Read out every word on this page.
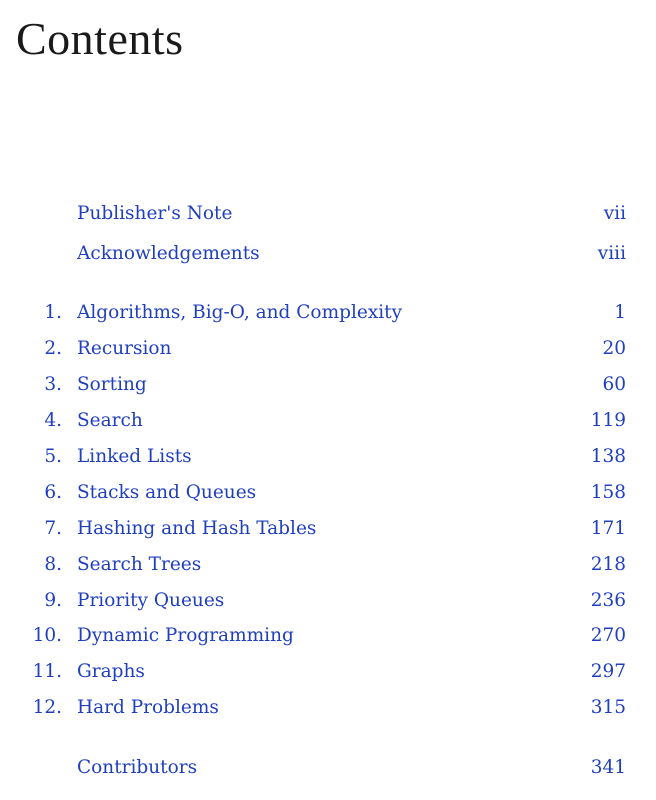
Contents
Publisher's Note	vii
Acknowledgements	viii
1. Algorithms, Big-O, and Complexity	1
2. Recursion	20
3. Sorting	60
4. Search	119
5. Linked Lists	138
6. Stacks and Queues	158
7. Hashing and Hash Tables	171
8. Search Trees	218
9. Priority Queues	236
10. Dynamic Programming	270
11. Graphs	297
12. Hard Problems	315
Contributors	341
